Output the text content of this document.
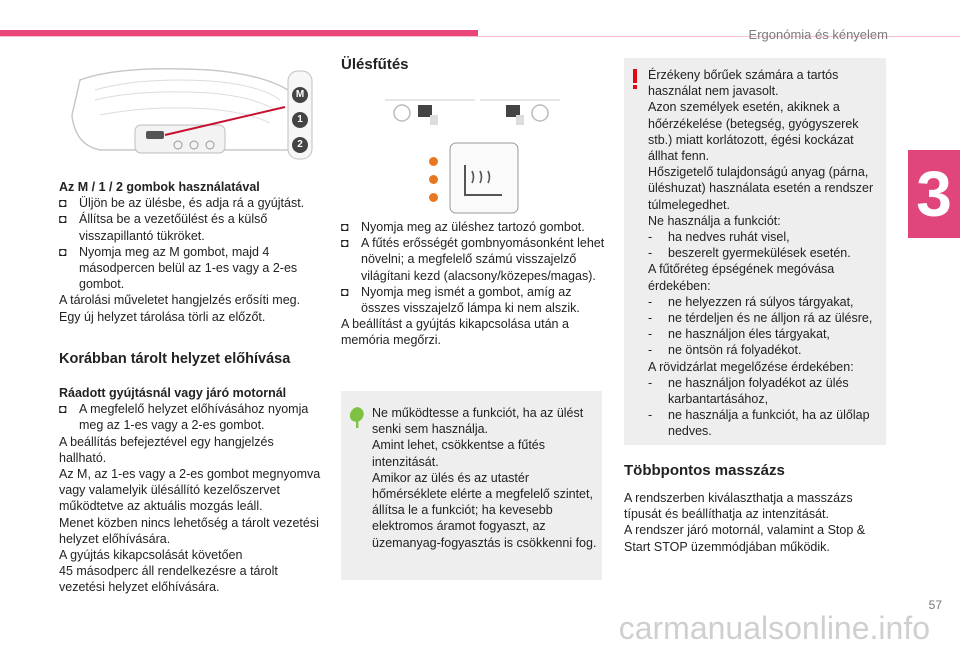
Ergonómia és kényelem
3
M
1
2

Az M / 1 / 2 gombok használatával

◘ Üljön be az ülésbe, és adja rá a gyújtást.

◘ Állítsa be a vezetőülést és a külső visszapillantó tükröket.

◘ Nyomja meg az M gombot, majd 4 másodpercen belül az 1-es vagy a 2-es gombot.

A tárolási műveletet hangjelzés erősíti meg.

Egy új helyzet tárolása törli az előzőt.

Korábban tárolt helyzet előhívása

Ráadott gyújtásnál vagy járó motornál

◘ A megfelelő helyzet előhívásához nyomja meg az 1-es vagy a 2-es gombot.

A beállítás befejeztével egy hangjelzés hallható.

Az M, az 1-es vagy a 2-es gombot megnyomva vagy valamelyik ülésállító kezelőszervet működtetve az aktuális mozgás leáll.

Menet közben nincs lehetőség a tárolt vezetési helyzet előhívására.

A gyújtás kikapcsolását követően

45 másodperc áll rendelkezésre a tárolt vezetési helyzet előhívására.

Ülésfűtés

◘ Nyomja meg az üléshez tartozó gombot.

◘ A fűtés erősségét gombnyomásonként lehet növelni; a megfelelő számú visszajelző világítani kezd (alacsony/közepes/magas).

◘ Nyomja meg ismét a gombot, amíg az összes visszajelző lámpa ki nem alszik.

A beállítást a gyújtás kikapcsolása után a memória megőrzi.

Ne működtesse a funkciót, ha az ülést senki sem használja.

Amint lehet, csökkentse a fűtés intenzitását.

Amikor az ülés és az utastér hőmérséklete elérte a megfelelő szintet, állítsa le a funkciót; ha kevesebb elektromos áramot fogyaszt, az üzemanyag-fogyasztás is csökkenni fog.

Érzékeny bőrűek számára a tartós használat nem javasolt.

Azon személyek esetén, akiknek a hőérzékelése (betegség, gyógyszerek stb.) miatt korlátozott, égési kockázat állhat fenn.

Hőszigetelő tulajdonságú anyag (párna, üléshuzat) használata esetén a rendszer túlmelegedhet.

Ne használja a funkciót:

- ha nedves ruhát visel,

- beszerelt gyermekülések esetén.

A fűtőréteg épségének megóvása érdekében:

- ne helyezzen rá súlyos tárgyakat,

- ne térdeljen és ne álljon rá az ülésre,

- ne használjon éles tárgyakat,

- ne öntsön rá folyadékot.

A rövidzárlat megelőzése érdekében:

- ne használjon folyadékot az ülés karbantartásához,

- ne használja a funkciót, ha az ülőlap nedves.

Többpontos masszázs

A rendszerben kiválaszthatja a masszázs típusát és beállíthatja az intenzitását.

A rendszer járó motornál, valamint a Stop & Start STOP üzemmódjában működik.

carmanualsonline.info
57
